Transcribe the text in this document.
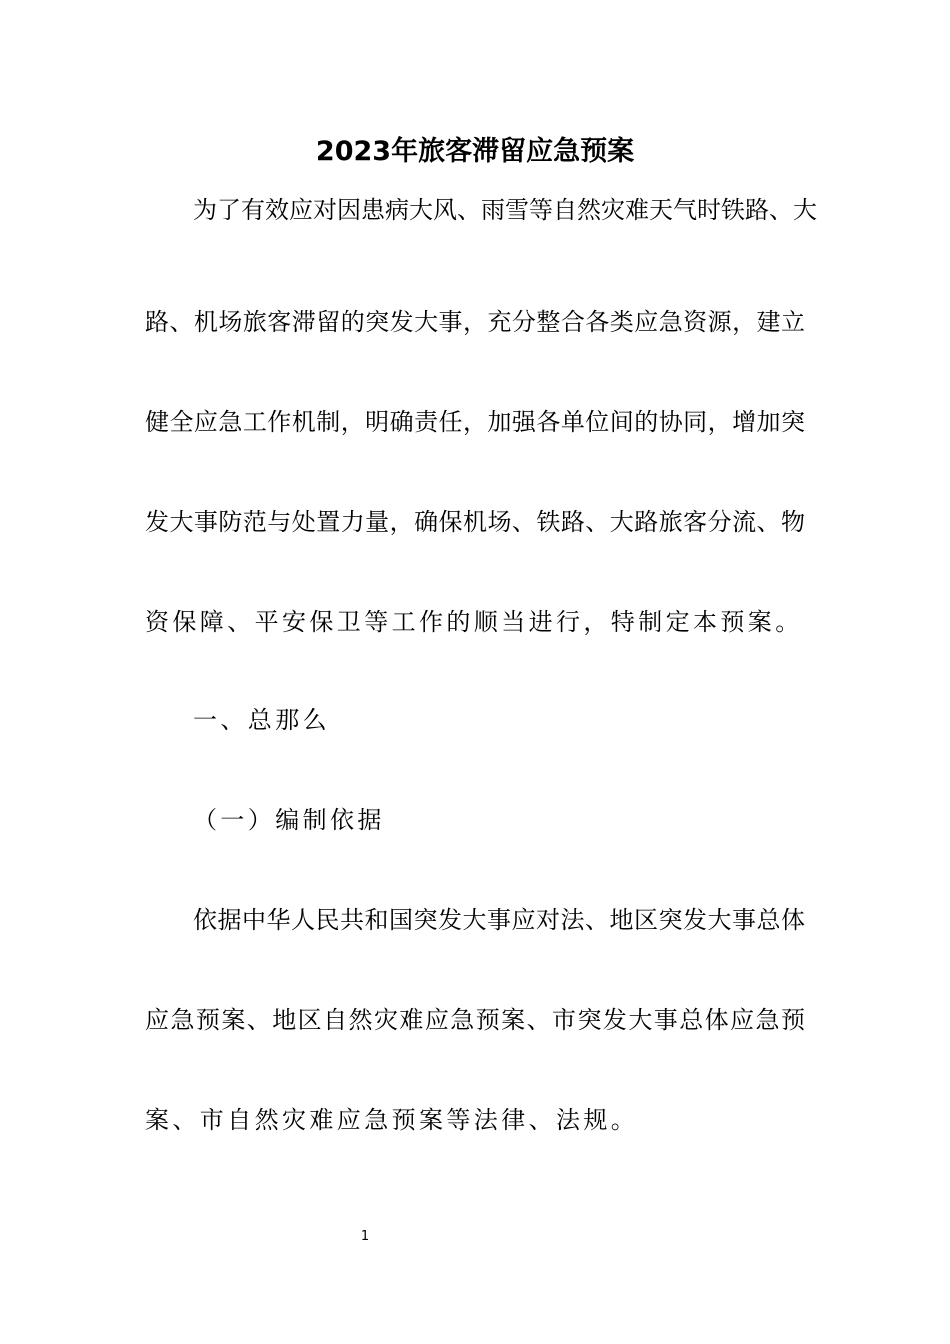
2023年旅客滞留应急预案
为了有效应对因患病大风、雨雪等自然灾难天气时铁路、大
路、机场旅客滞留的突发大事，充分整合各类应急资源，建立
健全应急工作机制，明确责任，加强各单位间的协同，增加突
发大事防范与处置力量，确保机场、铁路、大路旅客分流、物
资保障、平安保卫等工作的顺当进行，特制定本预案。
一、总那么
（一）编制依据
依据中华人民共和国突发大事应对法、地区突发大事总体
应急预案、地区自然灾难应急预案、市突发大事总体应急预
案、市自然灾难应急预案等法律、法规。
1
